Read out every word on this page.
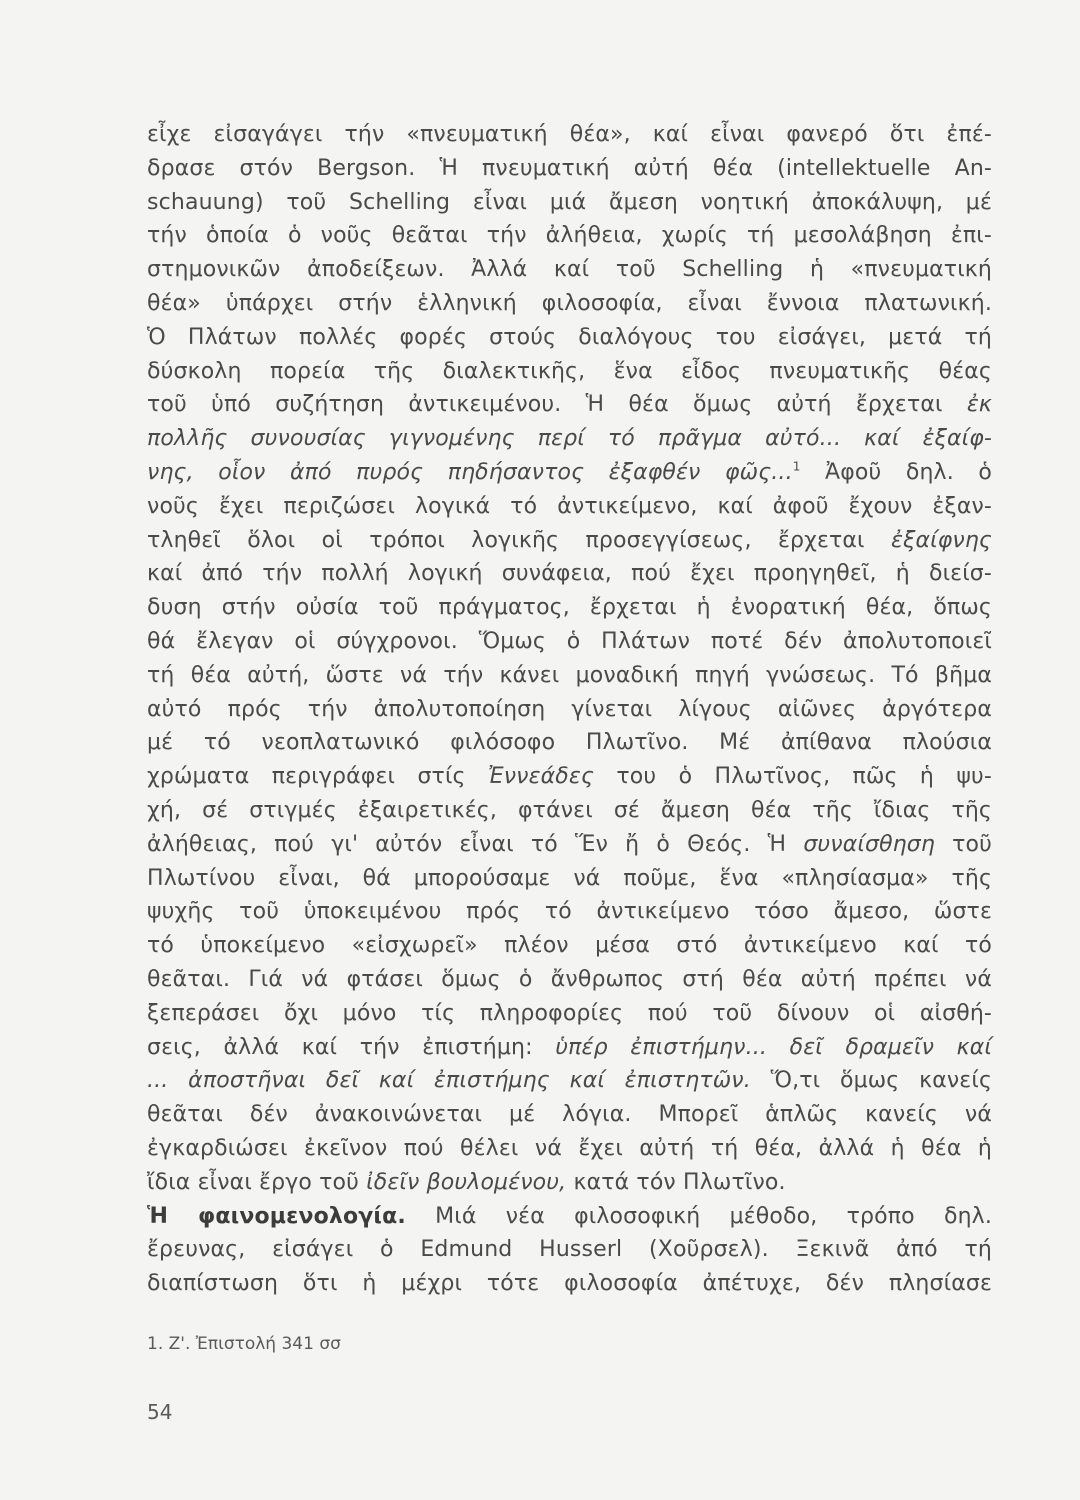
εἶχε εἰσαγάγει τήν «πνευματική θέα», καί εἶναι φανερό ὅτι ἐπέ-
δρασε στόν Bergson. Ἡ πνευματική αὐτή θέα (intellektuelle An-
schauung) τοῦ Schelling εἶναι μιά ἄμεση νοητική ἀποκάλυψη, μέ
τήν ὁποία ὁ νοῦς θεᾶται τήν ἀλήθεια, χωρίς τή μεσολάβηση ἐπι-
στημονικῶν ἀποδείξεων. Ἀλλά καί τοῦ Schelling ἡ «πνευματική
θέα» ὑπάρχει στήν ἑλληνική φιλοσοφία, εἶναι ἔννοια πλατωνική.
Ὁ Πλάτων πολλές φορές στούς διαλόγους του εἰσάγει, μετά τή
δύσκολη πορεία τῆς διαλεκτικῆς, ἕνα εἶδος πνευματικῆς θέας
τοῦ ὑπό συζήτηση ἀντικειμένου. Ἡ θέα ὅμως αὐτή ἔρχεται ἐκ
πολλῆς συνουσίας γιγνομένης περί τό πρᾶγμα αὐτό... καί ἐξαίφ-
νης, οἷον ἀπό πυρός πηδήσαντος ἐξαφθέν φῶς...$^1$ Ἀφοῦ δηλ. ὁ
νοῦς ἔχει περιζώσει λογικά τό ἀντικείμενο, καί ἀφοῦ ἔχουν ἐξαν-
τληθεῖ ὅλοι οἱ τρόποι λογικῆς προσεγγίσεως, ἔρχεται ἐξαίφνης
καί ἀπό τήν πολλή λογική συνάφεια, πού ἔχει προηγηθεῖ, ἡ διείσ-
δυση στήν οὐσία τοῦ πράγματος, ἔρχεται ἡ ἐνορατική θέα, ὅπως
θά ἔλεγαν οἱ σύγχρονοι. Ὅμως ὁ Πλάτων ποτέ δέν ἀπολυτοποιεῖ
τή θέα αὐτή, ὥστε νά τήν κάνει μοναδική πηγή γνώσεως. Τό βῆμα
αὐτό πρός τήν ἀπολυτοποίηση γίνεται λίγους αἰῶνες ἀργότερα
μέ τό νεοπλατωνικό φιλόσοφο Πλωτῖνο. Μέ ἀπίθανα πλούσια
χρώματα περιγράφει στίς Ἐννεάδες του ὁ Πλωτῖνος, πῶς ἡ ψυ-
χή, σέ στιγμές ἐξαιρετικές, φτάνει σέ ἄμεση θέα τῆς ἴδιας τῆς
ἀλήθειας, πού γι' αὐτόν εἶναι τό Ἕν ἤ ὁ Θεός. Ἡ συναίσθηση τοῦ
Πλωτίνου εἶναι, θά μπορούσαμε νά ποῦμε, ἕνα «πλησίασμα» τῆς
ψυχῆς τοῦ ὑποκειμένου πρός τό ἀντικείμενο τόσο ἄμεσο, ὥστε
τό ὑποκείμενο «εἰσχωρεῖ» πλέον μέσα στό ἀντικείμενο καί τό
θεᾶται. Γιά νά φτάσει ὅμως ὁ ἄνθρωπος στή θέα αὐτή πρέπει νά
ξεπεράσει ὄχι μόνο τίς πληροφορίες πού τοῦ δίνουν οἱ αἰσθή-
σεις, ἀλλά καί τήν ἐπιστήμη: ὑπέρ ἐπιστήμην... δεῖ δραμεῖν καί
... ἀποστῆναι δεῖ καί ἐπιστήμης καί ἐπιστητῶν. Ὅ,τι ὅμως κανείς
θεᾶται δέν ἀνακοινώνεται μέ λόγια. Μπορεῖ ἁπλῶς κανείς νά
ἐγκαρδιώσει ἐκεῖνον πού θέλει νά ἔχει αὐτή τή θέα, ἀλλά ἡ θέα ἡ
ἴδια εἶναι ἔργο τοῦ ἰδεῖν βουλομένου, κατά τόν Πλωτῖνο.
Ἡ φαινομενολογία. Μιά νέα φιλοσοφική μέθοδο, τρόπο δηλ.
ἔρευνας, εἰσάγει ὁ Edmund Husserl (Χοῦρσελ). Ξεκινᾶ ἀπό τή
διαπίστωση ὅτι ἡ μέχρι τότε φιλοσοφία ἀπέτυχε, δέν πλησίασε
1. Ζ'. Ἐπιστολή 341 σσ
54
